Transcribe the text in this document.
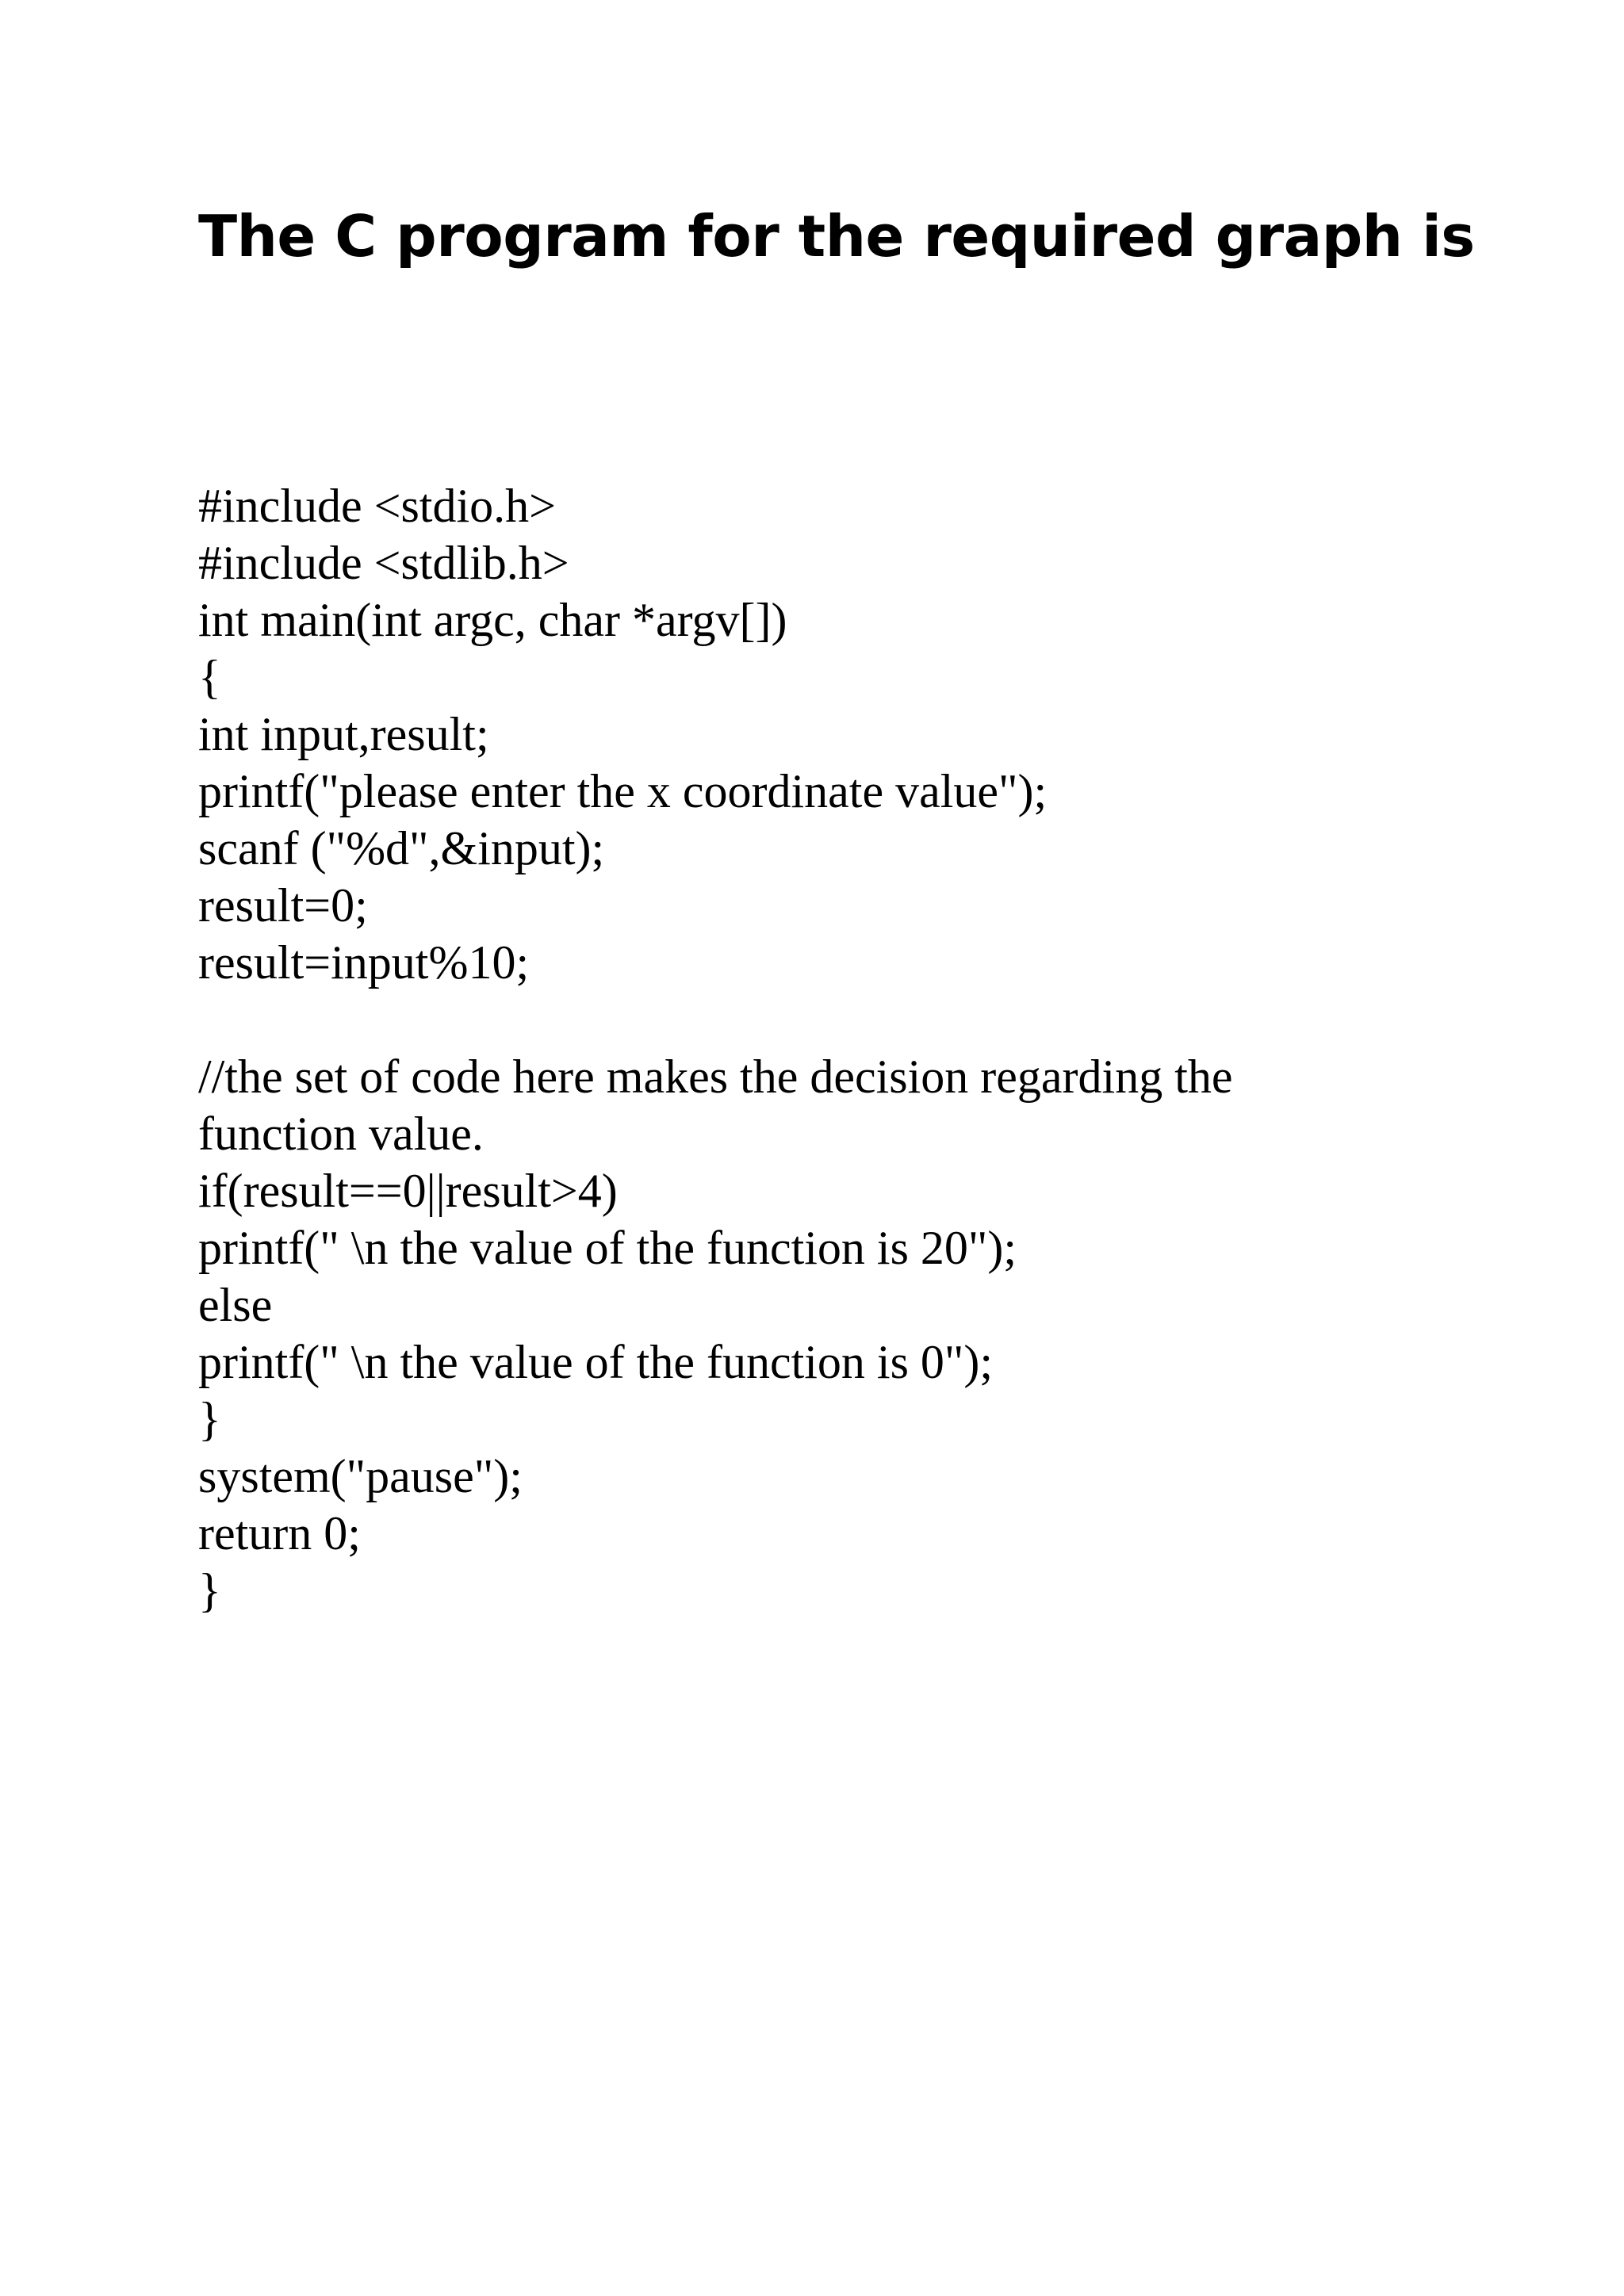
The C program for the required graph is
#include <stdio.h>
#include <stdlib.h>
int main(int argc, char *argv[])
{
int input,result;
printf("please enter the x coordinate value");
scanf ("%d",&input);
result=0;
result=input%10;
//the set of code here makes the decision regarding the
function value.
if(result==0||result>4)
printf(" \n the value of the function is 20");
else
printf(" \n the value of the function is 0");
}
system("pause");
return 0;
}
